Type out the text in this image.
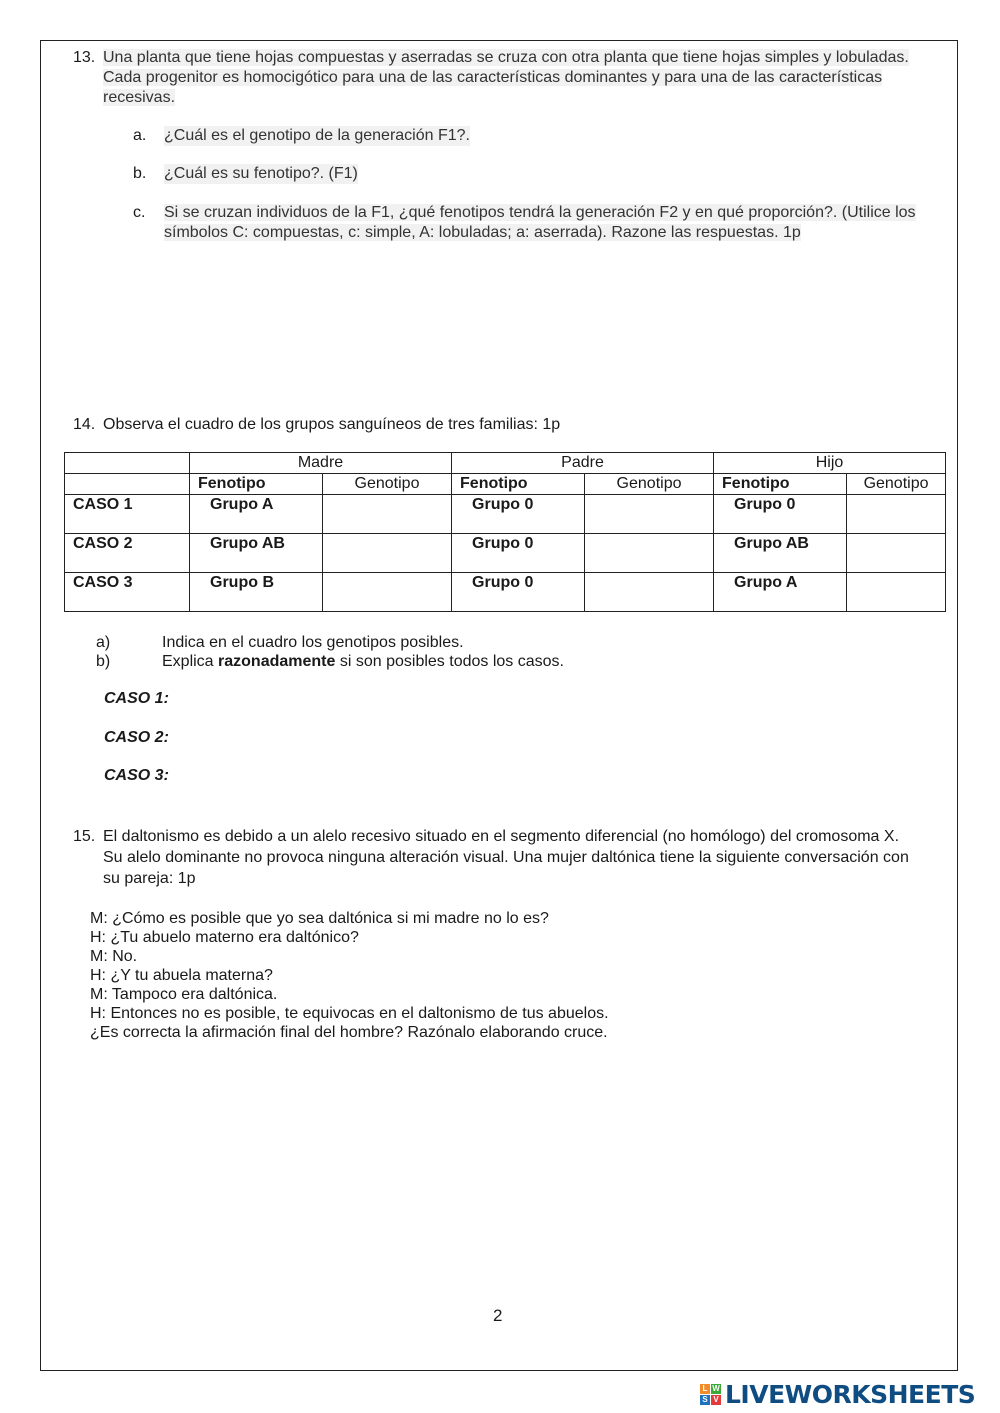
13. Una planta que tiene hojas compuestas y aserradas se cruza con otra planta que tiene hojas simples y lobuladas.
Cada progenitor es homocigótico para una de las características dominantes y para una de las características
recesivas.
a. ¿Cuál es el genotipo de la generación F1?.
b. ¿Cuál es su fenotipo?. (F1)
c. Si se cruzan individuos de la F1, ¿qué fenotipos tendrá la generación F2 y en qué proporción?. (Utilice los
símbolos C: compuestas, c: simple, A: lobuladas; a: aserrada). Razone las respuestas. 1p
14. Observa el cuadro de los grupos sanguíneos de tres familias: 1p
	Madre		Padre		Hijo	
	Fenotipo	Genotipo	Fenotipo	Genotipo	Fenotipo	Genotipo
CASO 1	Grupo A		Grupo 0		Grupo 0	
CASO 2	Grupo AB		Grupo 0		Grupo AB	
CASO 3	Grupo B		Grupo 0		Grupo A	
a)	Indica en el cuadro los genotipos posibles.
b)	Explica razonadamente si son posibles todos los casos.
CASO 1:
CASO 2:
CASO 3:
15. El daltonismo es debido a un alelo recesivo situado en el segmento diferencial (no homólogo) del cromosoma X.
Su alelo dominante no provoca ninguna alteración visual. Una mujer daltónica tiene la siguiente conversación con
su pareja: 1p
M: ¿Cómo es posible que yo sea daltónica si mi madre no lo es?
H: ¿Tu abuelo materno era daltónico?
M: No.
H: ¿Y tu abuela materna?
M: Tampoco era daltónica.
H: Entonces no es posible, te equivocas en el daltonismo de tus abuelos.
¿Es correcta la afirmación final del hombre? Razónalo elaborando cruce.
2
L W
S V LIVEWORKSHEETS
